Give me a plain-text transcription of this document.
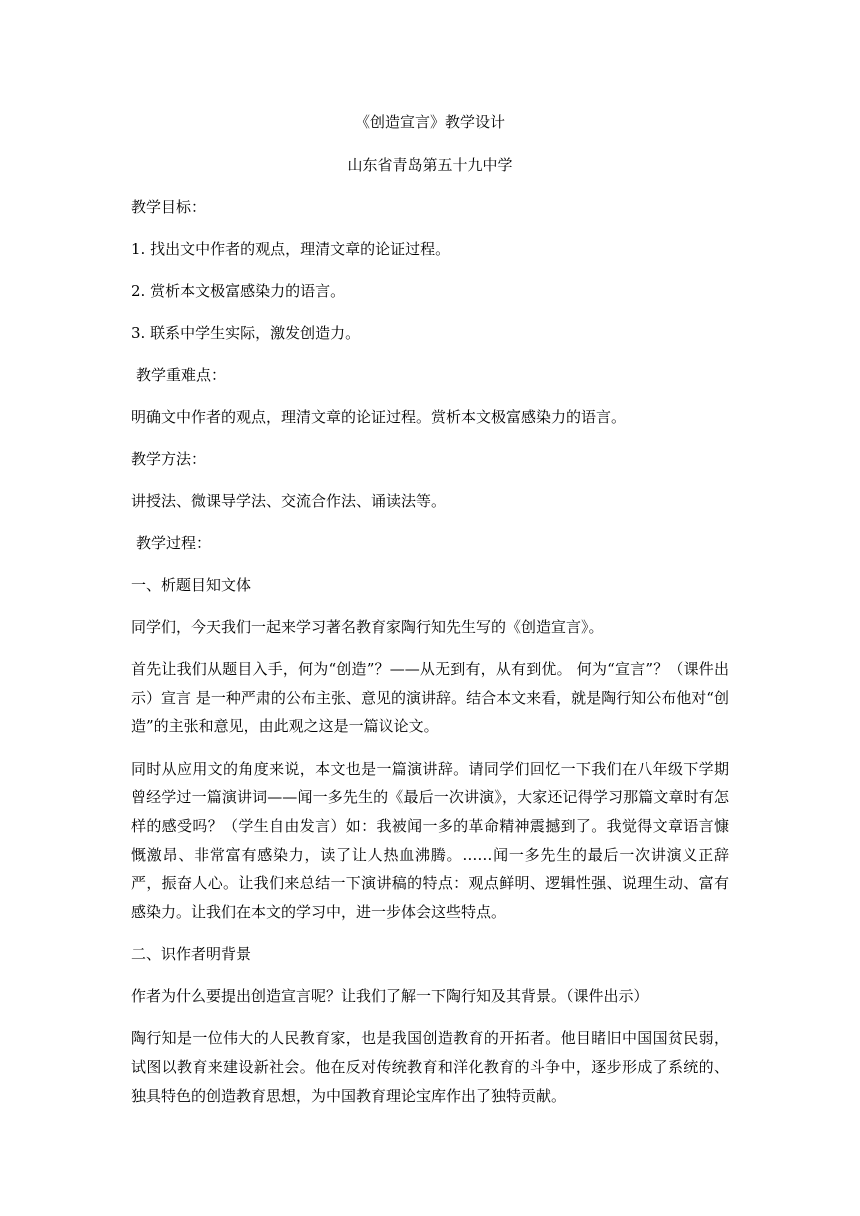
《创造宣言》教学设计
山东省青岛第五十九中学
教学目标：
1. 找出文中作者的观点，理清文章的论证过程。
2. 赏析本文极富感染力的语言。
3. 联系中学生实际，激发创造力。
教学重难点：
明确文中作者的观点，理清文章的论证过程。赏析本文极富感染力的语言。
教学方法：
讲授法、微课导学法、交流合作法、诵读法等。
教学过程：
一、析题目知文体
同学们，今天我们一起来学习著名教育家陶行知先生写的《创造宣言》。
首先让我们从题目入手，何为“创造”？——从无到有，从有到优。 何为“宣言”？（课件出示）宣言 是一种严肃的公布主张、意见的演讲辞。结合本文来看，就是陶行知公布他对“创造”的主张和意见，由此观之这是一篇议论文。
同时从应用文的角度来说，本文也是一篇演讲辞。请同学们回忆一下我们在八年级下学期曾经学过一篇演讲词——闻一多先生的《最后一次讲演》，大家还记得学习那篇文章时有怎样的感受吗？（学生自由发言）如：我被闻一多的革命精神震撼到了。我觉得文章语言慷慨激昂、非常富有感染力，读了让人热血沸腾。……闻一多先生的最后一次讲演义正辞严，振奋人心。让我们来总结一下演讲稿的特点：观点鲜明、逻辑性强、说理生动、富有感染力。让我们在本文的学习中，进一步体会这些特点。
二、识作者明背景
作者为什么要提出创造宣言呢？让我们了解一下陶行知及其背景。（课件出示）
陶行知是一位伟大的人民教育家，也是我国创造教育的开拓者。他目睹旧中国国贫民弱，试图以教育来建设新社会。他在反对传统教育和洋化教育的斗争中，逐步形成了系统的、独具特色的创造教育思想，为中国教育理论宝库作出了独特贡献。
